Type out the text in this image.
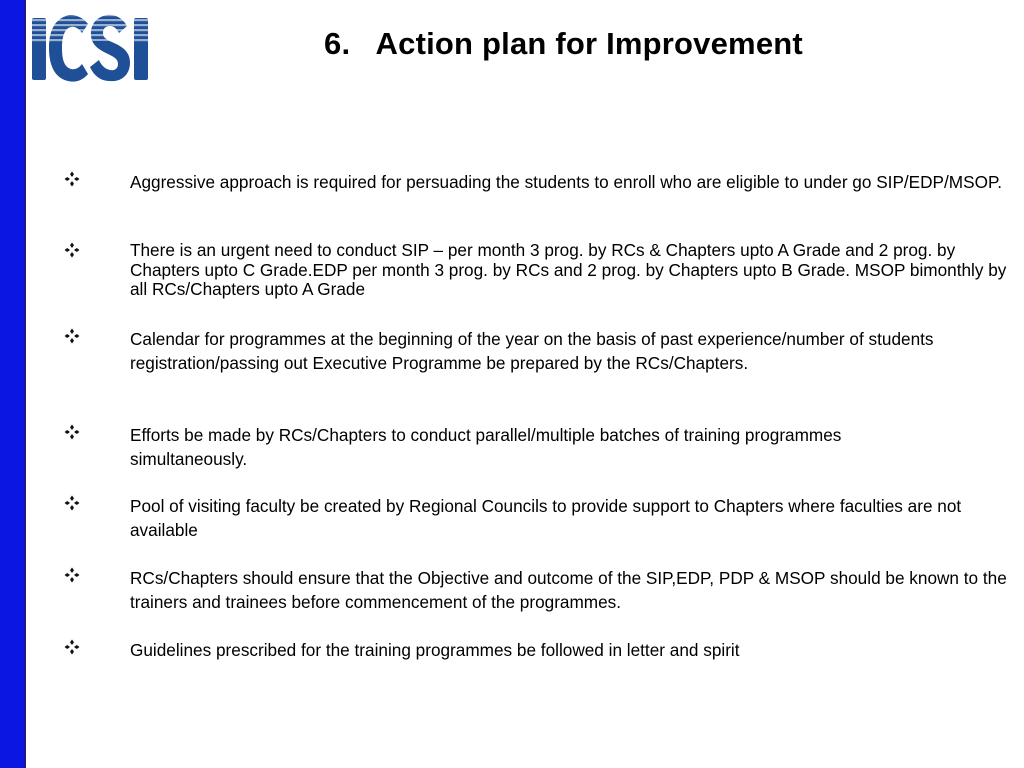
6.   Action plan for Improvement
Aggressive approach is required for persuading the students to enroll who are eligible to under go SIP/EDP/MSOP.
There is an urgent need to conduct SIP – per month 3 prog. by RCs & Chapters upto A Grade and 2 prog. by Chapters upto C Grade.EDP per month 3 prog. by RCs and 2 prog. by Chapters upto B Grade. MSOP bimonthly by all RCs/Chapters upto A Grade
Calendar for programmes at the beginning of the year on the basis of past experience/number of students registration/passing out Executive Programme be prepared by the RCs/Chapters.
Efforts be made by RCs/Chapters to conduct parallel/multiple batches of training programmes simultaneously.
Pool of visiting faculty be created by Regional Councils to provide support to Chapters where faculties are not available
RCs/Chapters should ensure that the Objective and outcome of the SIP,EDP, PDP & MSOP should be known to the trainers and trainees before commencement of the programmes.
Guidelines prescribed for the training programmes be followed in letter and spirit
